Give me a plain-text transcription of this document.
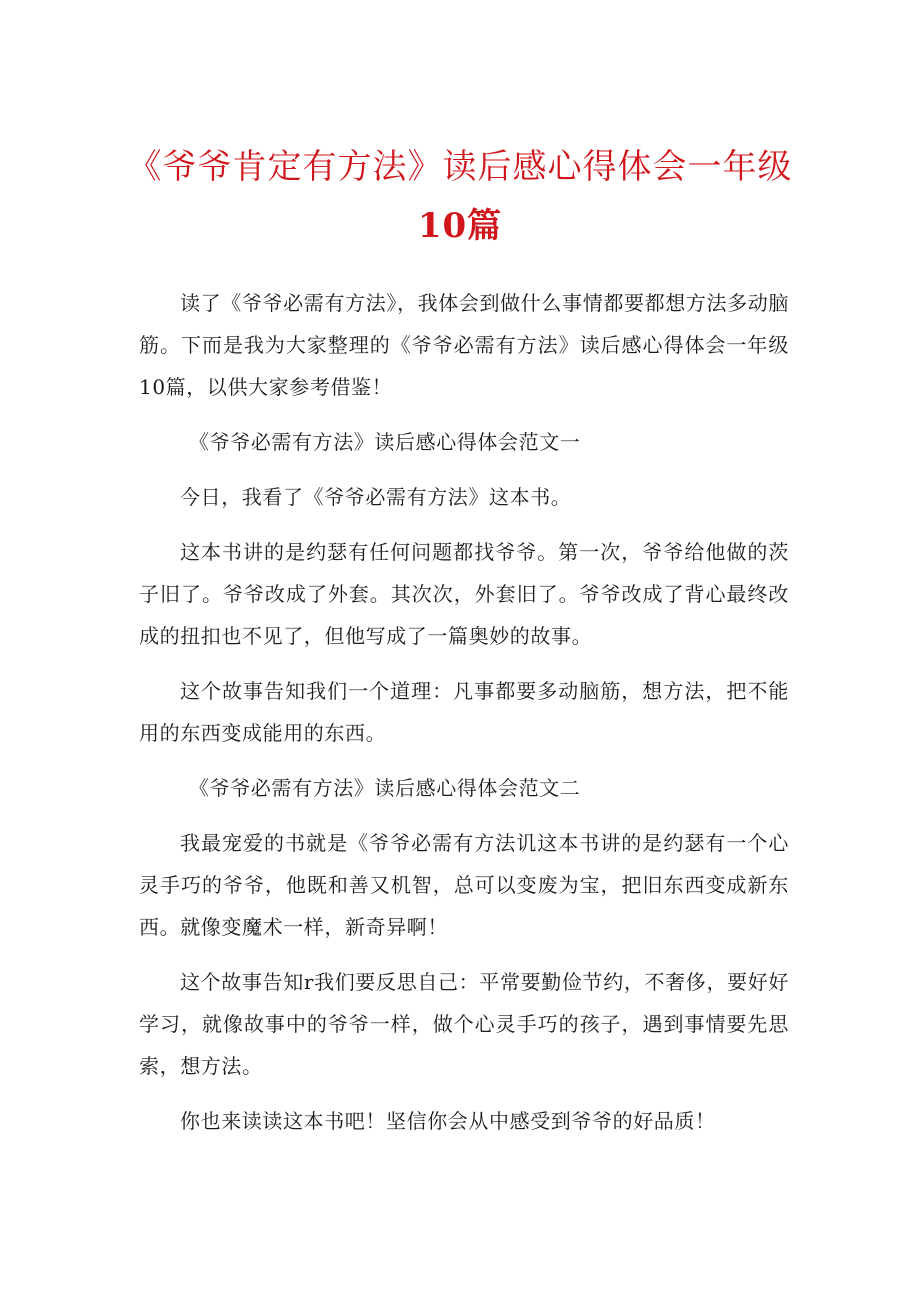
《爷爷肯定有方法》读后感心得体会一年级
10篇

读了《爷爷必需有方法》，我体会到做什么事情都要都想方法多动脑筋。下而是我为大家整理的《爷爷必需有方法》读后感心得体会一年级10篇，以供大家参考借鉴！

《爷爷必需有方法》读后感心得体会范文一

今日，我看了《爷爷必需有方法》这本书。

这本书讲的是约瑟有任何问题都找爷爷。第一次，爷爷给他做的茨子旧了。爷爷改成了外套。其次次，外套旧了。爷爷改成了背心最终改成的扭扣也不见了，但他写成了一篇奥妙的故事。

这个故事告知我们一个道理：凡事都要多动脑筋，想方法，把不能用的东西变成能用的东西。

《爷爷必需有方法》读后感心得体会范文二

我最宠爱的书就是《爷爷必需有方法讥这本书讲的是约瑟有一个心灵手巧的爷爷，他既和善又机智，总可以变废为宝，把旧东西变成新东西。就像变魔术一样，新奇异啊！

这个故事告知r我们要反思自己：平常要勤俭节约，不奢侈，要好好学习，就像故事中的爷爷一样，做个心灵手巧的孩子，遇到事情要先思索，想方法。

你也来读读这本书吧！坚信你会从中感受到爷爷的好品质！
